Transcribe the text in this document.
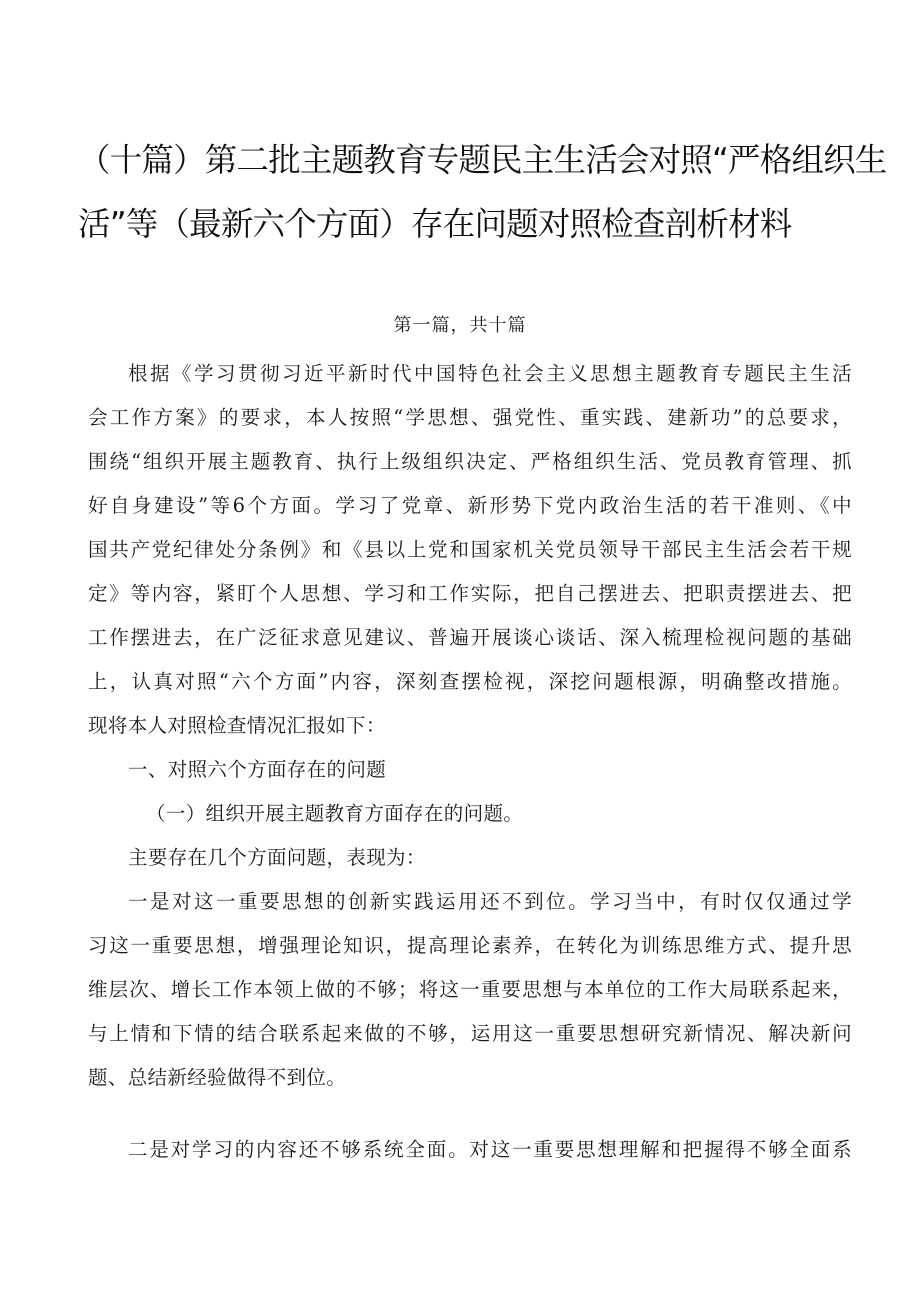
（十篇）第二批主题教育专题民主生活会对照“严格组织生
活”等（最新六个方面）存在问题对照检查剖析材料

第一篇，共十篇

根据《学习贯彻习近平新时代中国特色社会主义思想主题教育专题民主生活
会工作方案》的要求，本人按照“学思想、强党性、重实践、建新功”的总要求，
围绕“组织开展主题教育、执行上级组织决定、严格组织生活、党员教育管理、抓
好自身建设”等6个方面。学习了党章、新形势下党内政治生活的若干准则、《中
国共产党纪律处分条例》和《县以上党和国家机关党员领导干部民主生活会若干规
定》等内容，紧盯个人思想、学习和工作实际，把自己摆进去、把职责摆进去、把
工作摆进去，在广泛征求意见建议、普遍开展谈心谈话、深入梳理检视问题的基础
上，认真对照“六个方面”内容，深刻查摆检视，深挖问题根源，明确整改措施。
现将本人对照检查情况汇报如下：
一、对照六个方面存在的问题
（一）组织开展主题教育方面存在的问题。
主要存在几个方面问题，表现为：
一是对这一重要思想的创新实践运用还不到位。学习当中，有时仅仅通过学
习这一重要思想，增强理论知识，提高理论素养，在转化为训练思维方式、提升思
维层次、增长工作本领上做的不够；将这一重要思想与本单位的工作大局联系起来，
与上情和下情的结合联系起来做的不够，运用这一重要思想研究新情况、解决新问
题、总结新经验做得不到位。
二是对学习的内容还不够系统全面。对这一重要思想理解和把握得不够全面系
